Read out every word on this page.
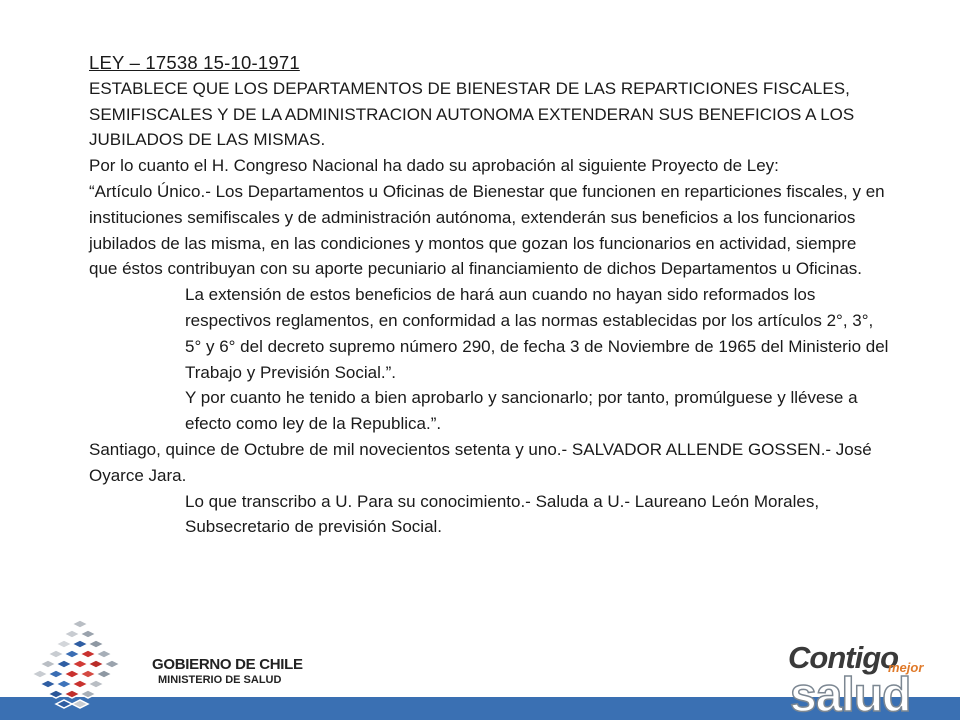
LEY – 17538 15-10-1971

ESTABLECE QUE LOS DEPARTAMENTOS DE BIENESTAR DE LAS REPARTICIONES FISCALES, SEMIFISCALES Y DE LA ADMINISTRACION AUTONOMA EXTENDERAN SUS BENEFICIOS A LOS JUBILADOS DE LAS MISMAS.

Por lo cuanto el H. Congreso Nacional ha dado su aprobación al siguiente Proyecto de Ley:

“Artículo Único.- Los Departamentos u Oficinas de Bienestar que funcionen en reparticiones fiscales, y en instituciones semifiscales y de administración autónoma, extenderán sus beneficios a los funcionarios jubilados de las misma, en las condiciones y montos que gozan los funcionarios en actividad, siempre que éstos contribuyan con su aporte pecuniario al financiamiento de dichos Departamentos u Oficinas.

La extensión de estos beneficios de hará aun cuando no hayan sido reformados los respectivos reglamentos, en conformidad a las normas establecidas por los artículos 2°, 3°, 5° y 6° del decreto supremo número 290, de fecha 3 de Noviembre de 1965 del Ministerio del Trabajo y Previsión Social.”.

Y por cuanto he tenido a bien aprobarlo y sancionarlo; por tanto, promúlguese y llévese a efecto como ley de la Republica.”.

Santiago, quince de Octubre de mil novecientos setenta y uno.- SALVADOR ALLENDE GOSSEN.- José Oyarce Jara.

Lo que transcribo a U. Para su conocimiento.- Saluda a U.- Laureano León Morales, Subsecretario de previsión Social.

GOBIERNO DE CHILE
MINISTERIO DE SALUD
Contigo
mejor
salud
